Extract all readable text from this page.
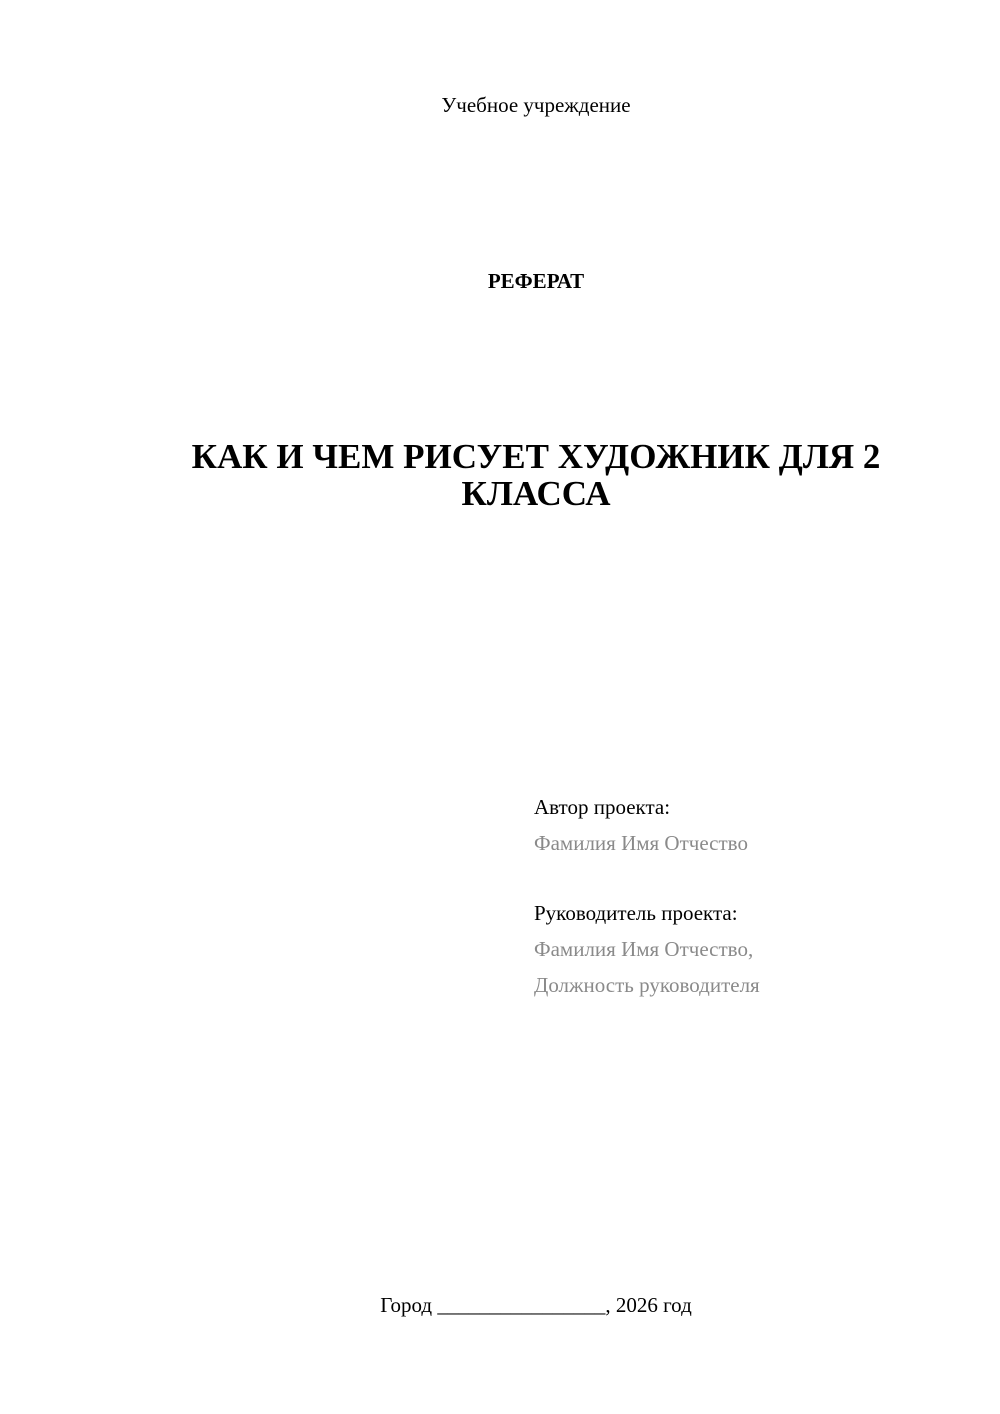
Учебное учреждение
РЕФЕРАТ
КАК И ЧЕМ РИСУЕТ ХУДОЖНИК ДЛЯ 2 КЛАССА
Автор проекта:
Фамилия Имя Отчество
Руководитель проекта:
Фамилия Имя Отчество,
Должность руководителя
Город ________________, 2026 год
